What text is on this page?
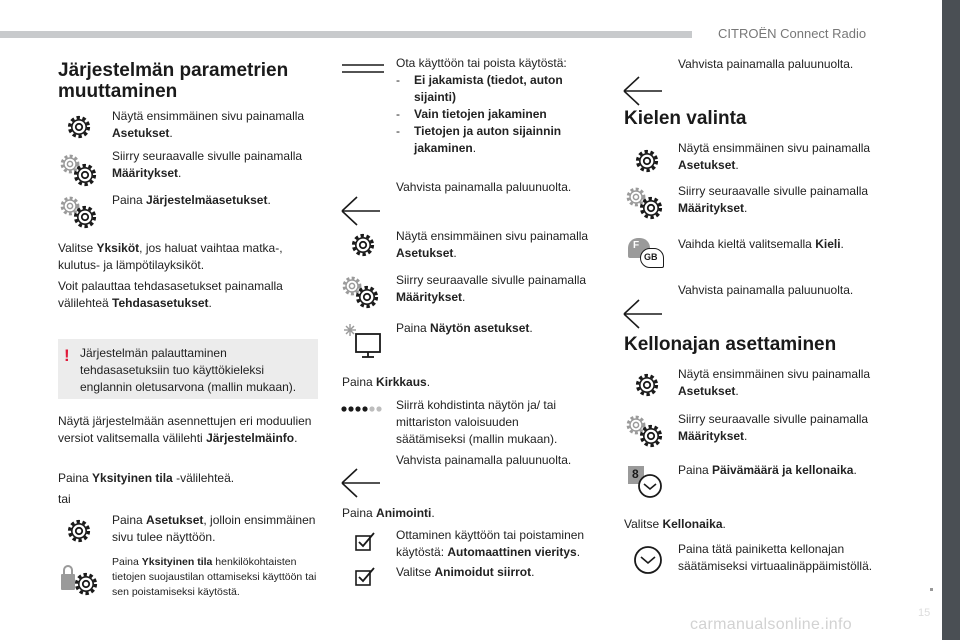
CITROËN Connect Radio
15
carmanualsonline.info
Järjestelmän parametrien muuttaminen
Näytä ensimmäinen sivu painamalla Asetukset.
Siirry seuraavalle sivulle painamalla Määritykset.
Paina Järjestelmäasetukset.
Valitse Yksiköt, jos haluat vaihtaa matka-, kulutus- ja lämpötilayksiköt.
Voit palauttaa tehdasasetukset painamalla välilehteä Tehdasasetukset.
! Järjestelmän palauttaminen tehdasasetuksiin tuo käyttökieleksi englannin oletusarvona (mallin mukaan).
Näytä järjestelmään asennettujen eri moduulien versiot valitsemalla välilehti Järjestelmäinfo.
Paina Yksityinen tila -välilehteä.
tai
Paina Asetukset, jolloin ensimmäinen sivu tulee näyttöön.
Paina Yksityinen tila henkilökohtaisten tietojen suojaustilan ottamiseksi käyttöön tai sen poistamiseksi käytöstä.
Ota käyttöön tai poista käytöstä:
- Ei jakamista (tiedot, auton sijainti)
- Vain tietojen jakaminen
- Tietojen ja auton sijainnin jakaminen.
Vahvista painamalla paluunuolta.
Näytä ensimmäinen sivu painamalla Asetukset.
Siirry seuraavalle sivulle painamalla Määritykset.
Paina Näytön asetukset.
Paina Kirkkaus.
Siirrä kohdistinta näytön ja/ tai mittariston valoisuuden säätämiseksi (mallin mukaan).
Vahvista painamalla paluunuolta.
Paina Animointi.
Ottaminen käyttöön tai poistaminen käytöstä: Automaattinen vieritys.
Valitse Animoidut siirrot.
Vahvista painamalla paluunuolta.
Kielen valinta
Näytä ensimmäinen sivu painamalla Asetukset.
Siirry seuraavalle sivulle painamalla Määritykset.
F
GB
Vaihda kieltä valitsemalla Kieli.
Vahvista painamalla paluunuolta.
Kellonajan asettaminen
Näytä ensimmäinen sivu painamalla Asetukset.
Siirry seuraavalle sivulle painamalla Määritykset.
8	Paina Päivämäärä ja kellonaika.
Valitse Kellonaika.
Paina tätä painiketta kellonajan säätämiseksi virtuaalinäppäimistöllä.
